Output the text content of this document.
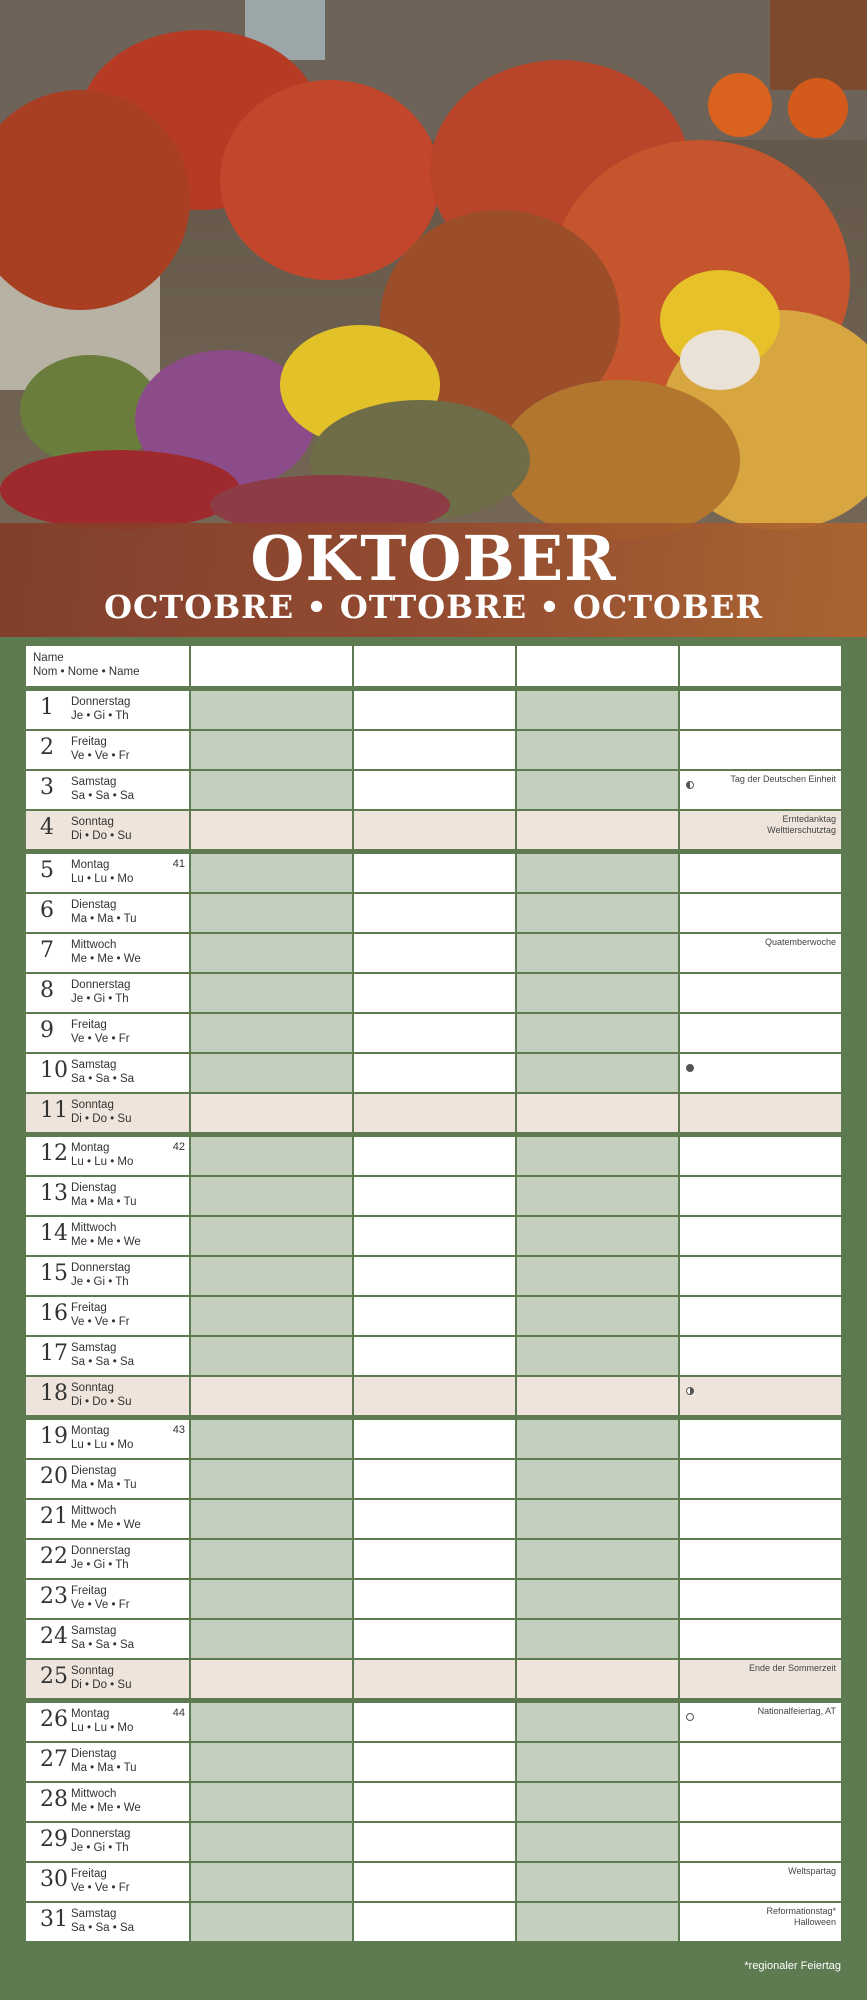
OKTOBER
OCTOBRE • OTTOBRE • OCTOBER
Name
Nom • Nome • Name
1 Donnerstag
Je • Gi • Th
2 Freitag
Ve • Ve • Fr
3 Samstag
Sa • Sa • Sa
Tag der Deutschen Einheit
4 Sonntag
Di • Do • Su
Erntedanktag
Welttierschutztag
5 Montag
Lu • Lu • Mo
41
6 Dienstag
Ma • Ma • Tu
7 Mittwoch
Me • Me • We
Quatemberwoche
8 Donnerstag
Je • Gi • Th
9 Freitag
Ve • Ve • Fr
10 Samstag
Sa • Sa • Sa
11 Sonntag
Di • Do • Su
12 Montag
Lu • Lu • Mo
42
13 Dienstag
Ma • Ma • Tu
14 Mittwoch
Me • Me • We
15 Donnerstag
Je • Gi • Th
16 Freitag
Ve • Ve • Fr
17 Samstag
Sa • Sa • Sa
18 Sonntag
Di • Do • Su
19 Montag
Lu • Lu • Mo
43
20 Dienstag
Ma • Ma • Tu
21 Mittwoch
Me • Me • We
22 Donnerstag
Je • Gi • Th
23 Freitag
Ve • Ve • Fr
24 Samstag
Sa • Sa • Sa
25 Sonntag
Di • Do • Su
Ende der Sommerzeit
26 Montag
Lu • Lu • Mo
44	Nationalfeiertag, AT
27 Dienstag
Ma • Ma • Tu
28 Mittwoch
Me • Me • We
29 Donnerstag
Je • Gi • Th
30 Freitag
Ve • Ve • Fr
Weltspartag
31 Samstag
Sa • Sa • Sa
Reformationstag*
Halloween
*regionaler Feiertag
